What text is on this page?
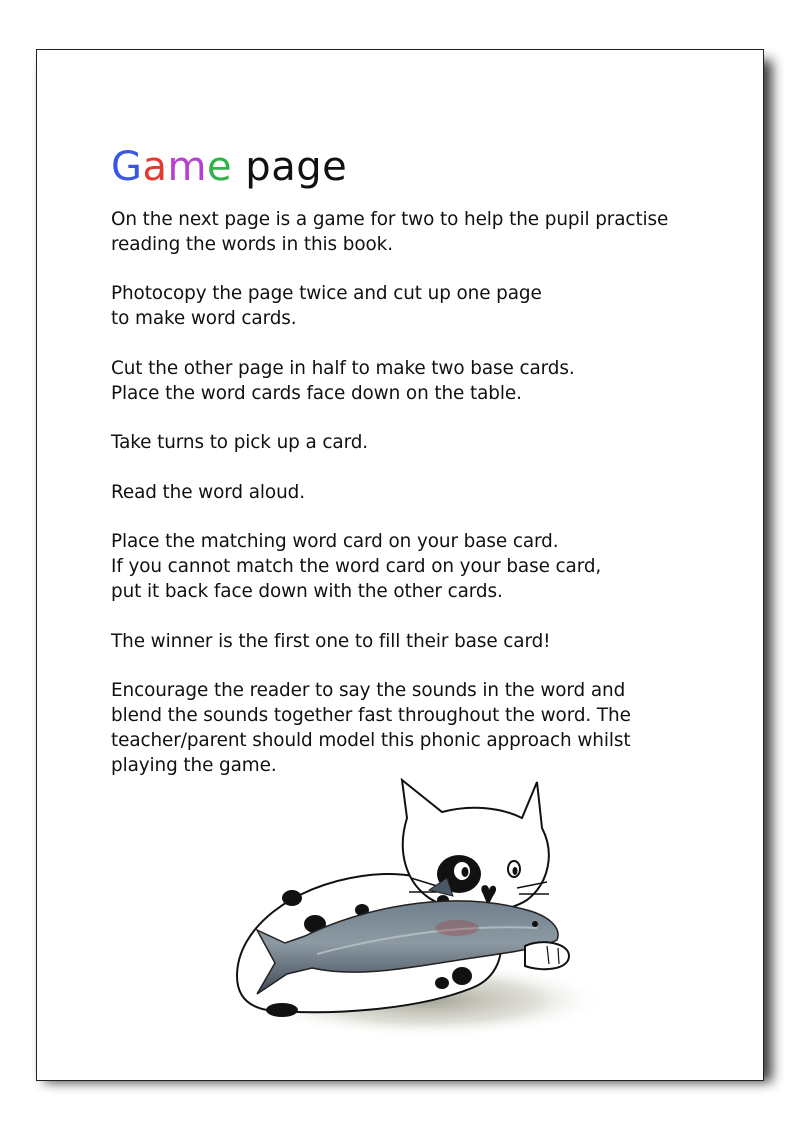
Game page

On the next page is a game for two to help the pupil practise
reading the words in this book.

Photocopy the page twice and cut up one page
to make word cards.

Cut the other page in half to make two base cards.
Place the word cards face down on the table.

Take turns to pick up a card.

Read the word aloud.

Place the matching word card on your base card.
If you cannot match the word card on your base card,
put it back face down with the other cards.

The winner is the first one to fill their base card!

Encourage the reader to say the sounds in the word and
blend the sounds together fast throughout the word. The
teacher/parent should model this phonic approach whilst
playing the game.
